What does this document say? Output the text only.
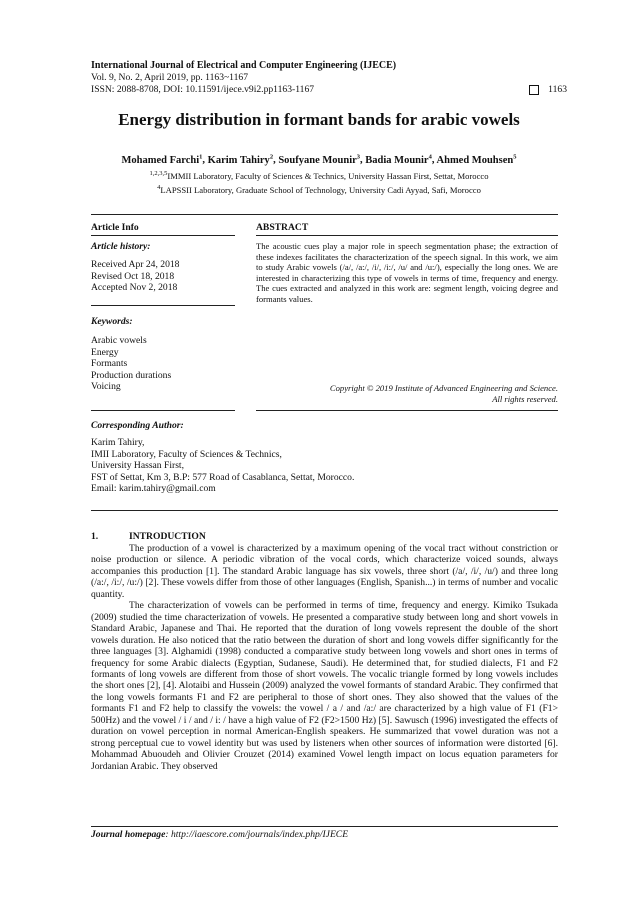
International Journal of Electrical and Computer Engineering (IJECE)
Vol. 9, No. 2, April 2019, pp. 1163~1167
ISSN: 2088-8708, DOI: 10.11591/ijece.v9i2.pp1163-1167	1163
Energy distribution in formant bands for arabic vowels
Mohamed Farchi$^1$, Karim Tahiry$^2$, Soufyane Mounir$^3$, Badia Mounir$^4$, Ahmed Mouhsen$^5$
$^{1,2,3,5}$IMMII Laboratory, Faculty of Sciences & Technics, University Hassan First, Settat, Morocco
$^4$LAPSSII Laboratory, Graduate School of Technology, University Cadi Ayyad, Safi, Morocco
Article Info	ABSTRACT
Article history:
Received Apr 24, 2018
Revised Oct 18, 2018
Accepted Nov 2, 2018
Keywords:
Arabic vowels
Energy
Formants
Production durations
Voicing
The acoustic cues play a major role in speech segmentation phase; the extraction of these indexes facilitates the characterization of the speech signal. In this work, we aim to study Arabic vowels (/a/, /a:/, /i/, /i:/, /u/ and /u:/), especially the long ones. We are interested in characterizing this type of vowels in terms of time, frequency and energy. The cues extracted and analyzed in this work are: segment length, voicing degree and formants values.
Copyright © 2019 Institute of Advanced Engineering and Science.
All rights reserved.
Corresponding Author:
Karim Tahiry,
IMII Laboratory, Faculty of Sciences & Technics,
University Hassan First,
FST of Settat, Km 3, B.P: 577 Road of Casablanca, Settat, Morocco.
Email: karim.tahiry@gmail.com
1.	INTRODUCTION

The production of a vowel is characterized by a maximum opening of the vocal tract without constriction or noise production or silence. A periodic vibration of the vocal cords, which characterize voiced sounds, always accompanies this production [1]. The standard Arabic language has six vowels, three short (/a/, /i/, /u/) and three long (/a:/, /i:/, /u:/) [2]. These vowels differ from those of other languages (English, Spanish...) in terms of number and vocalic quantity.

The characterization of vowels can be performed in terms of time, frequency and energy. Kimiko Tsukada (2009) studied the time characterization of vowels. He presented a comparative study between long and short vowels in Standard Arabic, Japanese and Thai. He reported that the duration of long vowels represent the double of the short vowels duration. He also noticed that the ratio between the duration of short and long vowels differ significantly for the three languages [3]. Alghamidi (1998) conducted a comparative study between long vowels and short ones in terms of frequency for some Arabic dialects (Egyptian, Sudanese, Saudi). He determined that, for studied dialects, F1 and F2 formants of long vowels are different from those of short vowels. The vocalic triangle formed by long vowels includes the short ones [2], [4]. Alotaibi and Hussein (2009) analyzed the vowel formants of standard Arabic. They confirmed that the long vowels formants F1 and F2 are peripheral to those of short ones. They also showed that the values of the formants F1 and F2 help to classify the vowels: the vowel / a / and /a:/ are characterized by a high value of F1 (F1> 500Hz) and the vowel / i / and / i: / have a high value of F2 (F2>1500 Hz) [5]. Sawusch (1996) investigated the effects of duration on vowel perception in normal American-English speakers. He summarized that vowel duration was not a strong perceptual cue to vowel identity but was used by listeners when other sources of information were distorted [6]. Mohammad Abuoudeh and Olivier Crouzet (2014) examined Vowel length impact on locus equation parameters for Jordanian Arabic. They observed

Journal homepage: http://iaescore.com/journals/index.php/IJECE
